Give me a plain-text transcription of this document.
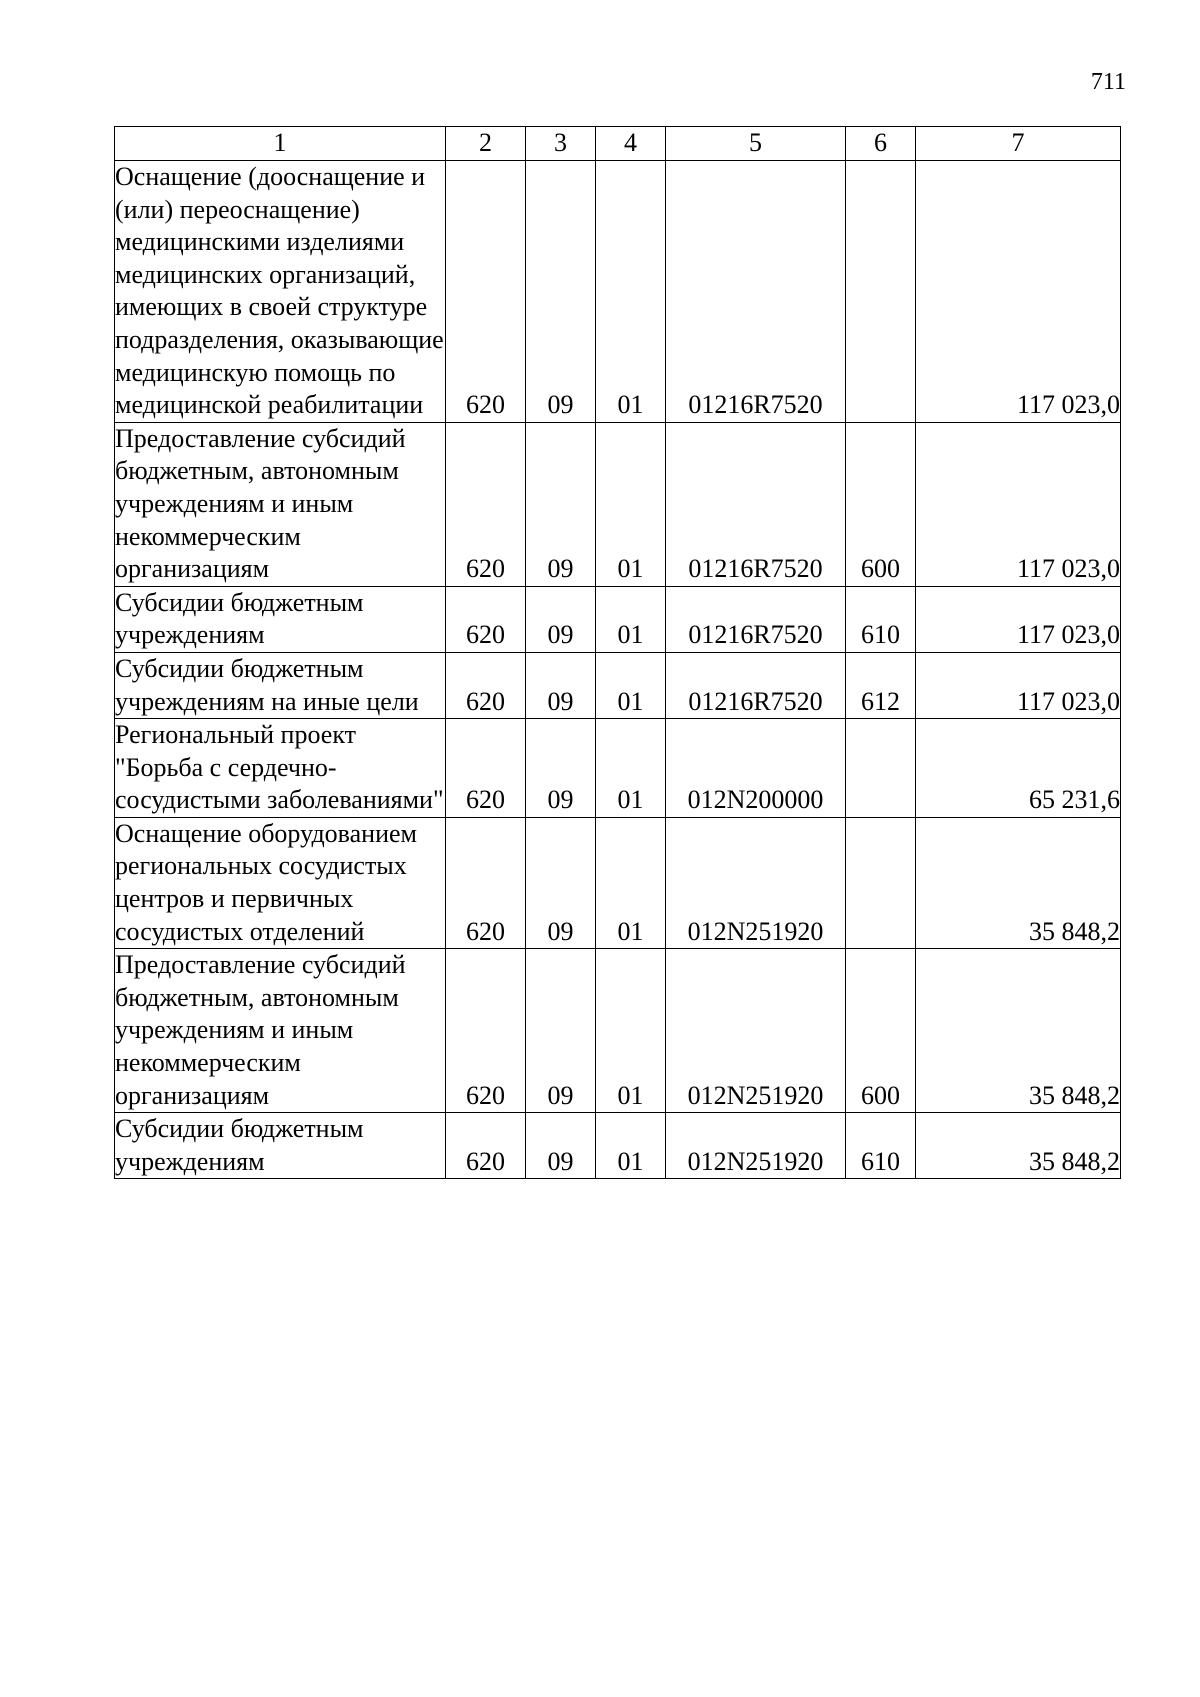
711
1	2	3	4	5	6	7
Оснащение (дооснащение и (или) переоснащение) медицинскими изделиями медицинских организаций, имеющих в своей структуре подразделения, оказывающие медицинскую помощь по медицинской реабилитации	620	09	01	01216R7520		117 023,0
Предоставление субсидий бюджетным, автономным учреждениям и иным некоммерческим организациям	620	09	01	01216R7520	600	117 023,0
Субсидии бюджетным учреждениям	620	09	01	01216R7520	610	117 023,0
Субсидии бюджетным учреждениям на иные цели	620	09	01	01216R7520	612	117 023,0
Региональный проект "Борьба с сердечно-сосудистыми заболеваниями"	620	09	01	012N200000		65 231,6
Оснащение оборудованием региональных сосудистых центров и первичных сосудистых отделений	620	09	01	012N251920		35 848,2
Предоставление субсидий бюджетным, автономным учреждениям и иным некоммерческим организациям	620	09	01	012N251920	600	35 848,2
Субсидии бюджетным учреждениям	620	09	01	012N251920	610	35 848,2
